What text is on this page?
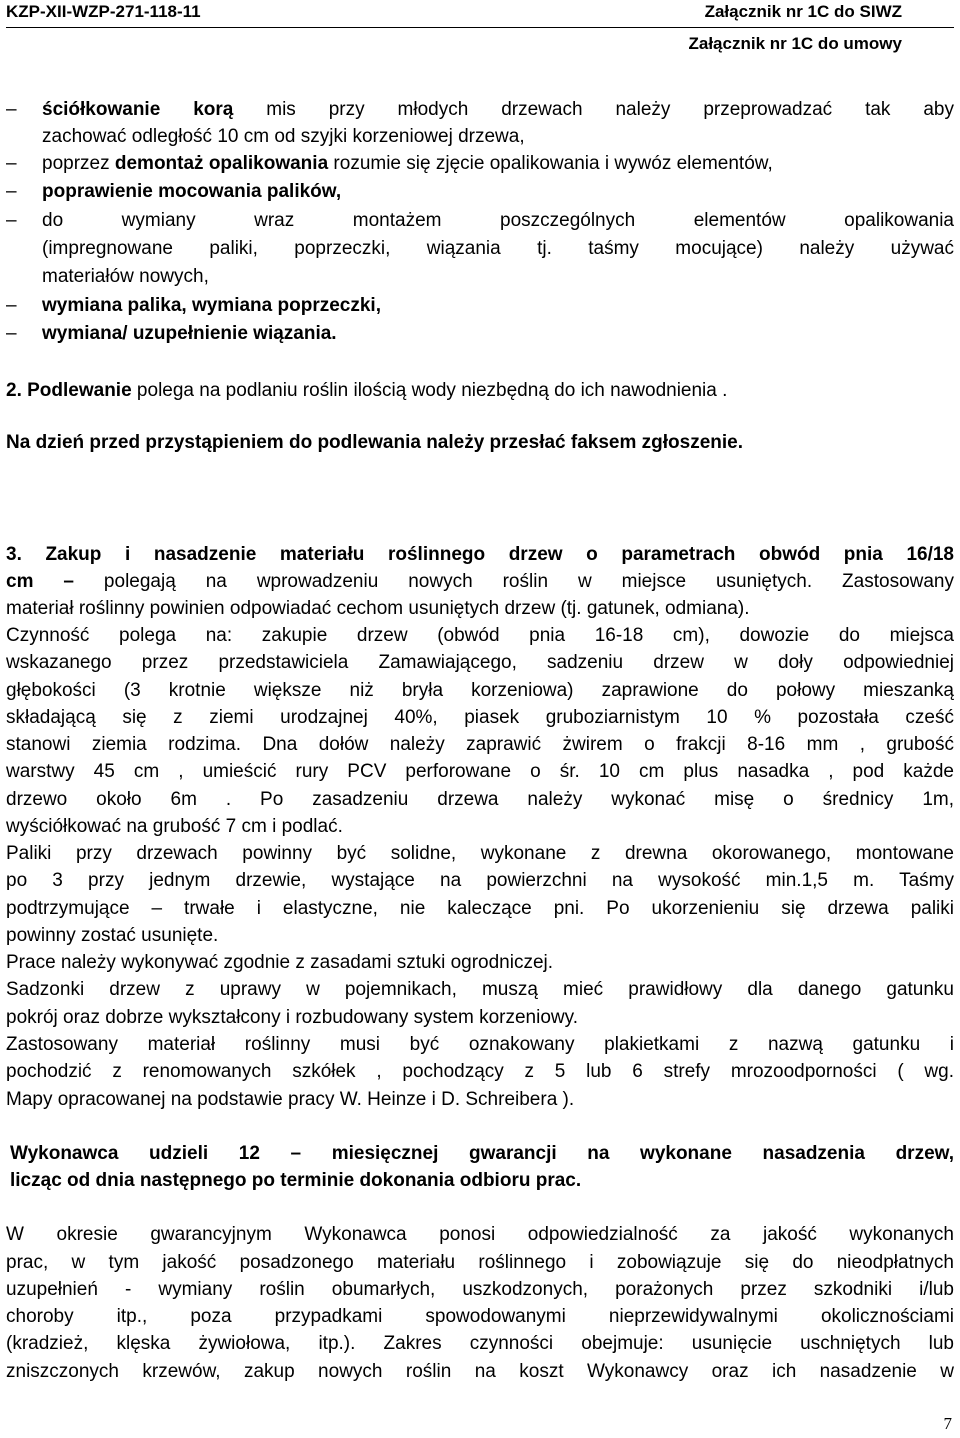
KZP-XII-WZP-271-118-11	Załącznik nr 1C do SIWZ
Załącznik nr 1C do umowy
– ściółkowanie korą mis przy młodych drzewach należy przeprowadzać tak aby
zachować odległość 10 cm od szyjki korzeniowej drzewa,
– poprzez demontaż opalikowania rozumie się zjęcie opalikowania i wywóz elementów,
– poprawienie mocowania palików,
– do wymiany wraz montażem poszczególnych elementów opalikowania
(impregnowane paliki, poprzeczki, wiązania tj. taśmy mocujące) należy używać
materiałów nowych,
– wymiana palika, wymiana poprzeczki,
– wymiana/ uzupełnienie wiązania.
2. Podlewanie polega na podlaniu roślin ilością wody niezbędną do ich nawodnienia .
Na dzień przed przystąpieniem do podlewania należy przesłać faksem zgłoszenie.
3. Zakup i nasadzenie materiału roślinnego drzew o parametrach obwód pnia 16/18
cm – polegają na wprowadzeniu nowych roślin w miejsce usuniętych. Zastosowany
materiał roślinny powinien odpowiadać cechom usuniętych drzew (tj. gatunek, odmiana).
Czynność polega na: zakupie drzew (obwód pnia 16-18 cm), dowozie do miejsca
wskazanego przez przedstawiciela Zamawiającego, sadzeniu drzew w doły odpowiedniej
głębokości (3 krotnie większe niż bryła korzeniowa) zaprawione do połowy mieszanką
składającą się z ziemi urodzajnej 40%, piasek gruboziarnistym 10 % pozostała cześć
stanowi ziemia rodzima. Dna dołów należy zaprawić żwirem o frakcji 8-16 mm , grubość
warstwy 45 cm , umieścić rury PCV perforowane o śr. 10 cm plus nasadka , pod każde
drzewo około 6m . Po zasadzeniu drzewa należy wykonać misę o średnicy 1m,
wyściółkować na grubość 7 cm i podlać.
Paliki przy drzewach powinny być solidne, wykonane z drewna okorowanego, montowane
po 3 przy jednym drzewie, wystające na powierzchni na wysokość min.1,5 m. Taśmy
podtrzymujące – trwałe i elastyczne, nie kaleczące pni. Po ukorzenieniu się drzewa paliki
powinny zostać usunięte.
Prace należy wykonywać zgodnie z zasadami sztuki ogrodniczej.
Sadzonki drzew z uprawy w pojemnikach, muszą mieć prawidłowy dla danego gatunku
pokrój oraz dobrze wykształcony i rozbudowany system korzeniowy.
Zastosowany materiał roślinny musi być oznakowany plakietkami z nazwą gatunku i
pochodzić z renomowanych szkółek , pochodzący z 5 lub 6 strefy mrozoodporności ( wg.
Mapy opracowanej na podstawie pracy W. Heinze i D. Schreibera ).
Wykonawca udzieli 12 – miesięcznej gwarancji na wykonane nasadzenia drzew,
licząc od dnia następnego po terminie dokonania odbioru prac.
W okresie gwarancyjnym Wykonawca ponosi odpowiedzialność za jakość wykonanych
prac, w tym jakość posadzonego materiału roślinnego i zobowiązuje się do nieodpłatnych
uzupełnień - wymiany roślin obumarłych, uszkodzonych, porażonych przez szkodniki i/lub
choroby itp., poza przypadkami spowodowanymi nieprzewidywalnymi okolicznościami
(kradzież, klęska żywiołowa, itp.). Zakres czynności obejmuje: usunięcie uschniętych lub
zniszczonych krzewów, zakup nowych roślin na koszt Wykonawcy oraz ich nasadzenie w
7
